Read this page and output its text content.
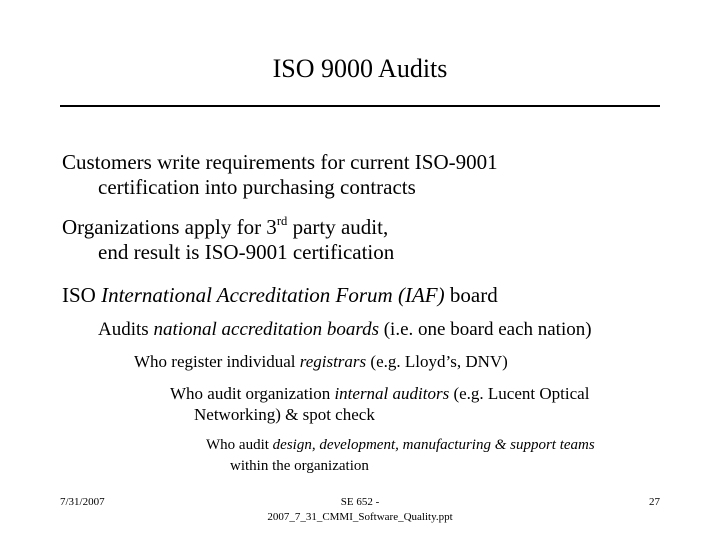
ISO 9000 Audits
Customers write requirements for current ISO-9001
certification into purchasing contracts
Organizations apply for 3rd party audit,
end result is ISO-9001 certification
ISO International Accreditation Forum (IAF) board
Audits national accreditation boards (i.e. one board each nation)
Who register individual registrars (e.g. Lloyd’s, DNV)
Who audit organization internal auditors (e.g. Lucent Optical
Networking) & spot check
Who audit design, development, manufacturing & support teams
within the organization
7/31/2007	SE 652 -
2007_7_31_CMMI_Software_Quality.ppt
27
